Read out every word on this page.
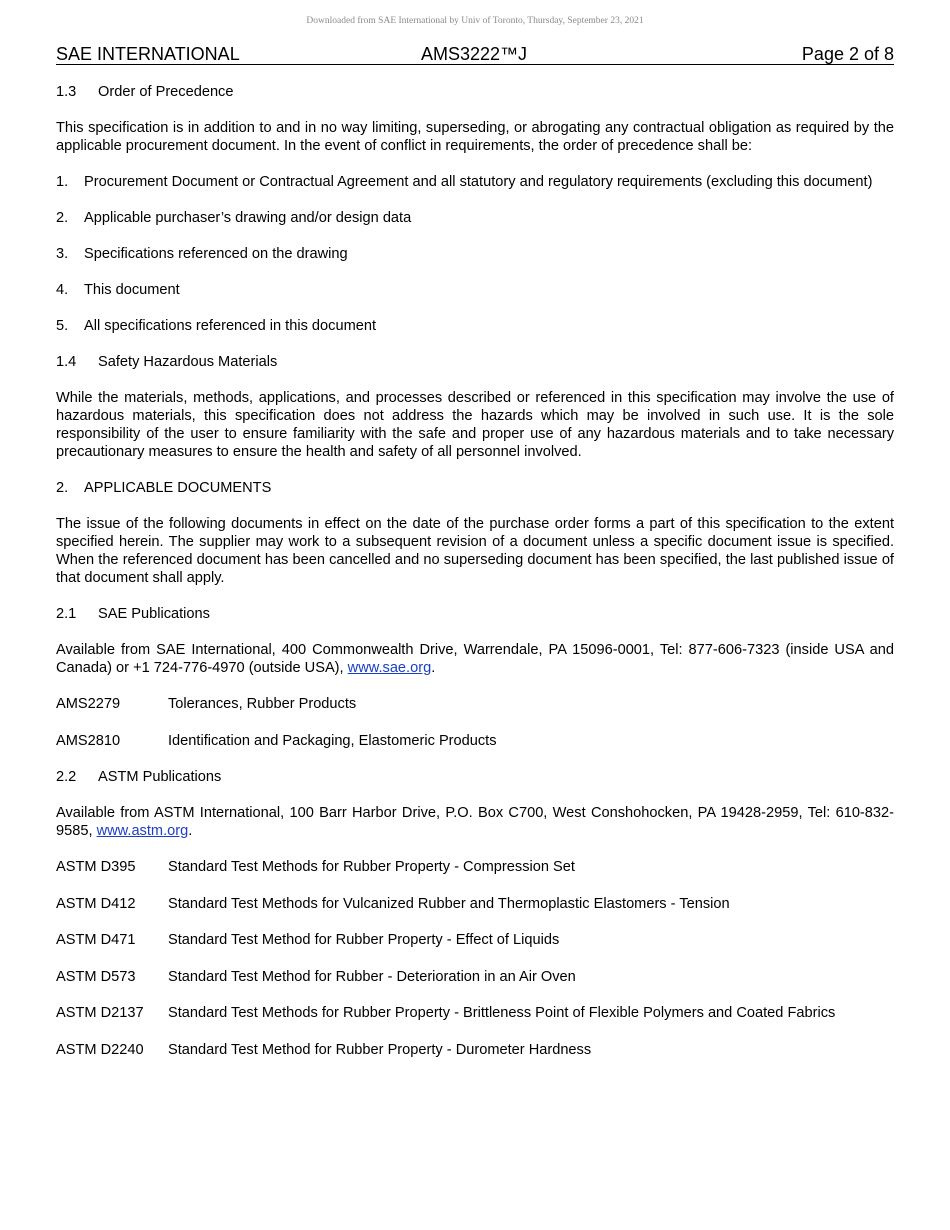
Downloaded from SAE International by Univ of Toronto, Thursday, September 23, 2021
SAE INTERNATIONAL	AMS3222™J	Page 2 of 8
1.3 Order of Precedence

This specification is in addition to and in no way limiting, superseding, or abrogating any contractual obligation as required by the applicable procurement document. In the event of conflict in requirements, the order of precedence shall be:

1. Procurement Document or Contractual Agreement and all statutory and regulatory requirements (excluding this document)
2. Applicable purchaser’s drawing and/or design data
3. Specifications referenced on the drawing
4. This document
5. All specifications referenced in this document
1.4 Safety Hazardous Materials

While the materials, methods, applications, and processes described or referenced in this specification may involve the use of hazardous materials, this specification does not address the hazards which may be involved in such use. It is the sole responsibility of the user to ensure familiarity with the safe and proper use of any hazardous materials and to take necessary precautionary measures to ensure the health and safety of all personnel involved.

2. APPLICABLE DOCUMENTS

The issue of the following documents in effect on the date of the purchase order forms a part of this specification to the extent specified herein. The supplier may work to a subsequent revision of a document unless a specific document issue is specified. When the referenced document has been cancelled and no superseding document has been specified, the last published issue of that document shall apply.

2.1 SAE Publications

Available from SAE International, 400 Commonwealth Drive, Warrendale, PA 15096-0001, Tel: 877-606-7323 (inside USA and Canada) or +1 724-776-4970 (outside USA), www.sae.org.

AMS2279	Tolerances, Rubber Products
AMS2810	Identification and Packaging, Elastomeric Products
2.2 ASTM Publications

Available from ASTM International, 100 Barr Harbor Drive, P.O. Box C700, West Conshohocken, PA 19428-2959, Tel: 610-832-9585, www.astm.org.

ASTM D395 Standard Test Methods for Rubber Property - Compression Set
ASTM D412 Standard Test Methods for Vulcanized Rubber and Thermoplastic Elastomers - Tension
ASTM D471 Standard Test Method for Rubber Property - Effect of Liquids
ASTM D573 Standard Test Method for Rubber - Deterioration in an Air Oven
ASTM D2137 Standard Test Methods for Rubber Property - Brittleness Point of Flexible Polymers and Coated Fabrics
ASTM D2240 Standard Test Method for Rubber Property - Durometer Hardness
